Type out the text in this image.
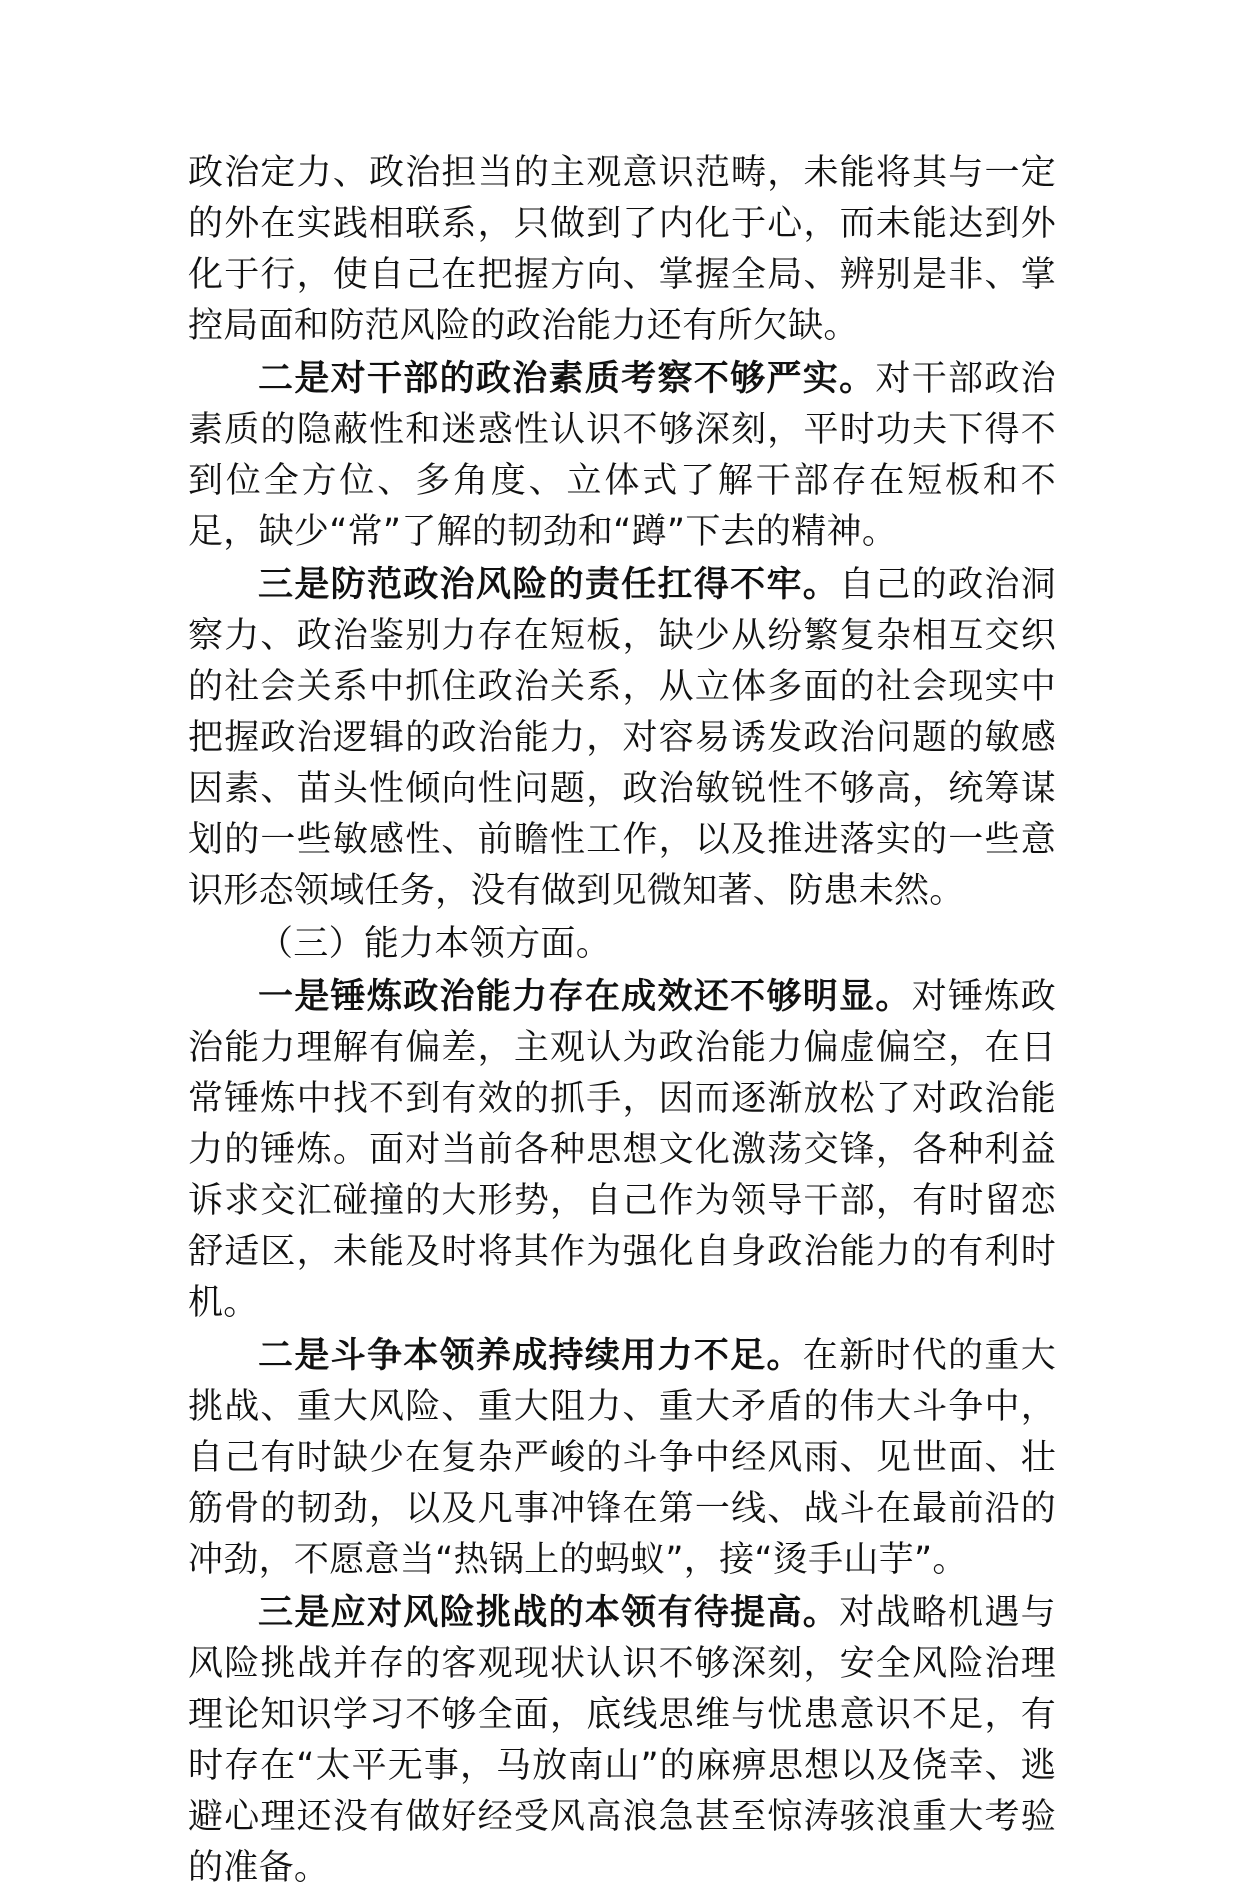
政治定力、政治担当的主观意识范畴，未能将其与一定的外在实践相联系，只做到了内化于心，而未能达到外化于行，使自己在把握方向、掌握全局、辨别是非、掌控局面和防范风险的政治能力还有所欠缺。

二是对干部的政治素质考察不够严实。对干部政治素质的隐蔽性和迷惑性认识不够深刻，平时功夫下得不到位全方位、多角度、立体式了解干部存在短板和不足，缺少“常”了解的韧劲和“蹲”下去的精神。

三是防范政治风险的责任扛得不牢。自己的政治洞察力、政治鉴别力存在短板，缺少从纷繁复杂相互交织的社会关系中抓住政治关系，从立体多面的社会现实中把握政治逻辑的政治能力，对容易诱发政治问题的敏感因素、苗头性倾向性问题，政治敏锐性不够高，统筹谋划的一些敏感性、前瞻性工作，以及推进落实的一些意识形态领域任务，没有做到见微知著、防患未然。

（三）能力本领方面。

一是锤炼政治能力存在成效还不够明显。对锤炼政治能力理解有偏差，主观认为政治能力偏虚偏空，在日常锤炼中找不到有效的抓手，因而逐渐放松了对政治能力的锤炼。面对当前各种思想文化激荡交锋，各种利益诉求交汇碰撞的大形势，自己作为领导干部，有时留恋舒适区，未能及时将其作为强化自身政治能力的有利时机。

二是斗争本领养成持续用力不足。在新时代的重大挑战、重大风险、重大阻力、重大矛盾的伟大斗争中，自己有时缺少在复杂严峻的斗争中经风雨、见世面、壮筋骨的韧劲，以及凡事冲锋在第一线、战斗在最前沿的冲劲，不愿意当“热锅上的蚂蚁”，接“烫手山芋”。

三是应对风险挑战的本领有待提高。对战略机遇与风险挑战并存的客观现状认识不够深刻，安全风险治理理论知识学习不够全面，底线思维与忧患意识不足，有时存在“太平无事，马放南山”的麻痹思想以及侥幸、逃避心理还没有做好经受风高浪急甚至惊涛骇浪重大考验的准备。
